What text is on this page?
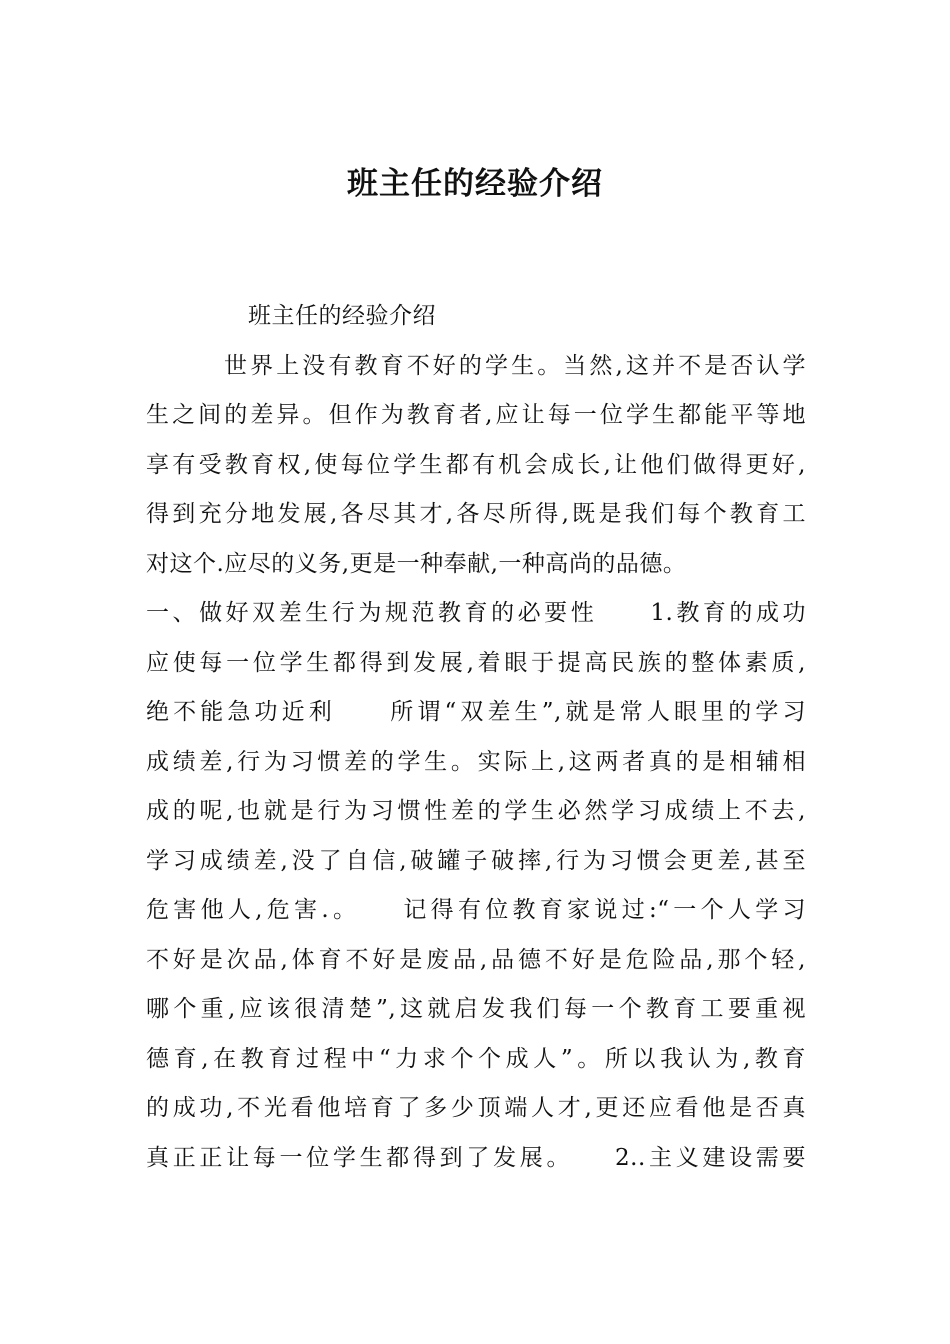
班主任的经验介绍
班主任的经验介绍
世界上没有教育不好的学生。当然,这并不是否认学
生之间的差异。但作为教育者,应让每一位学生都能平等地
享有受教育权,使每位学生都有机会成长,让他们做得更好,
得到充分地发展,各尽其才,各尽所得,既是我们每个教育工
对这个.应尽的义务,更是一种奉献,一种高尚的品德。
一、做好双差生行为规范教育的必要性　　1.教育的成功
应使每一位学生都得到发展,着眼于提高民族的整体素质,
绝不能急功近利　　所谓“双差生”,就是常人眼里的学习
成绩差,行为习惯差的学生。实际上,这两者真的是相辅相
成的呢,也就是行为习惯性差的学生必然学习成绩上不去,
学习成绩差,没了自信,破罐子破摔,行为习惯会更差,甚至
危害他人,危害.。　　记得有位教育家说过:“一个人学习
不好是次品,体育不好是废品,品德不好是危险品,那个轻,
哪个重,应该很清楚”,这就启发我们每一个教育工要重视
德育,在教育过程中“力求个个成人”。所以我认为,教育
的成功,不光看他培育了多少顶端人才,更还应看他是否真
真正正让每一位学生都得到了发展。　　2..主义建设需要
